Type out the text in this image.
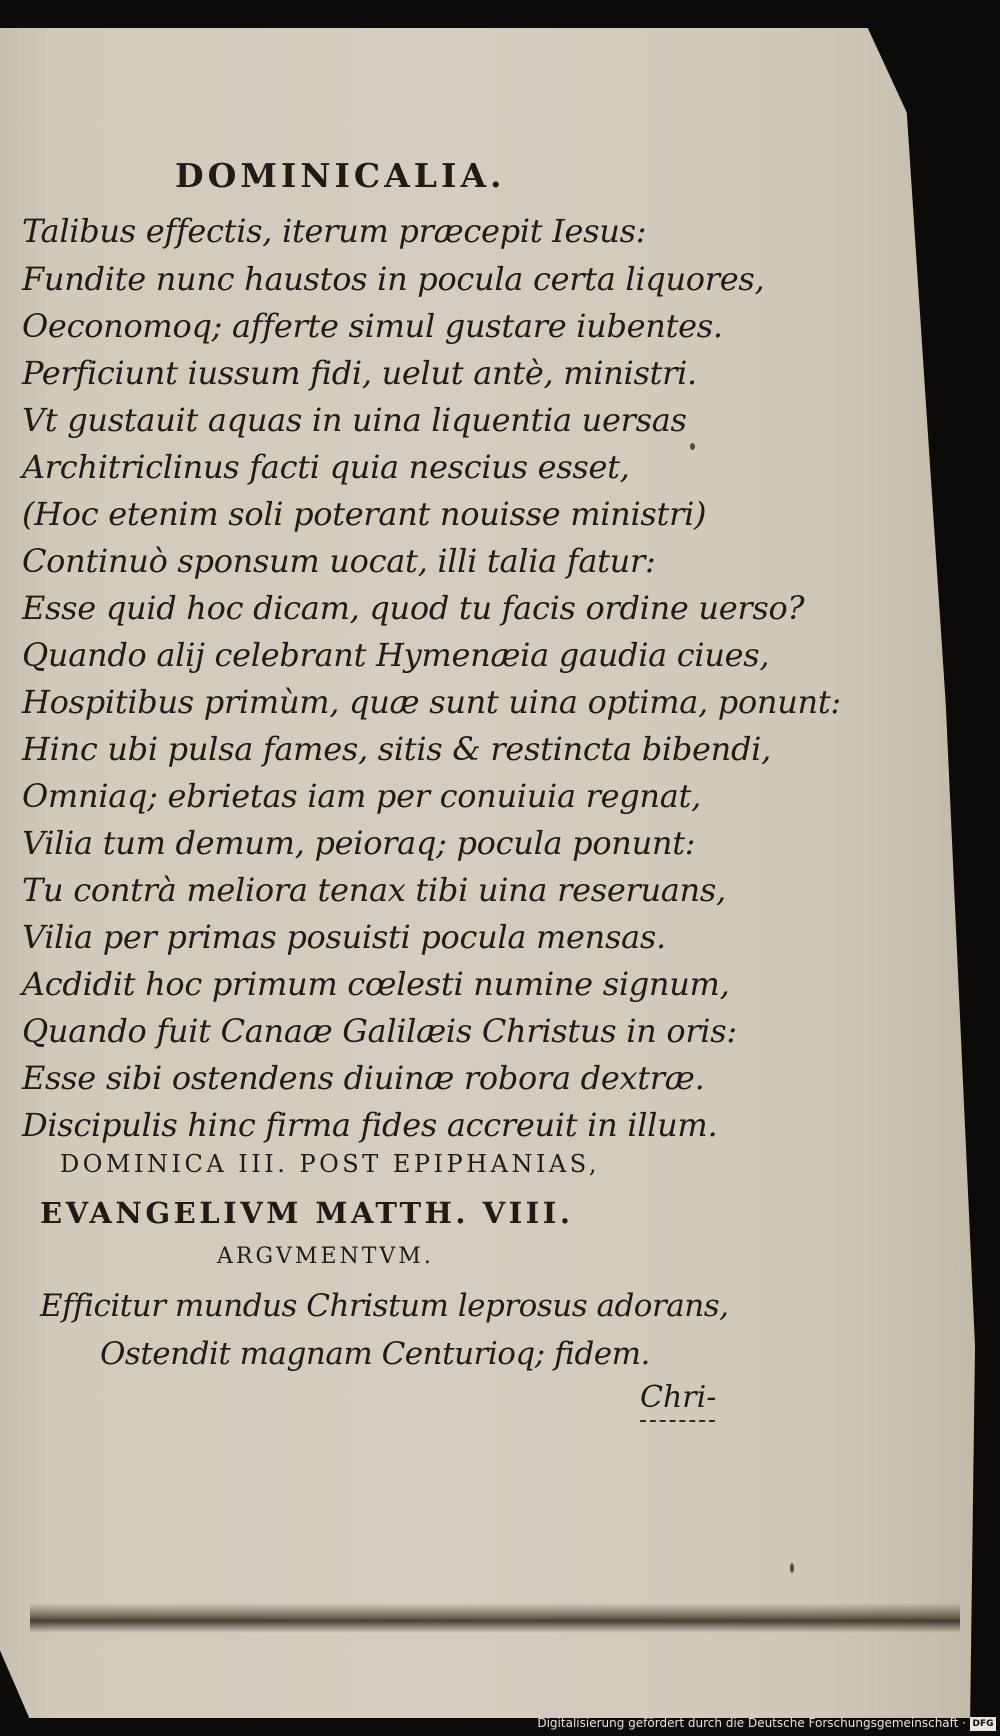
DOMINICALIA.
Talibus effectis, iterum præcepit Iesus:
Fundite nunc haustos in pocula certa liquores,
Oeconomoq; afferte simul gustare iubentes.
Perficiunt iussum fidi, uelut antè, ministri.
Vt gustauit aquas in uina liquentia uersas
Architriclinus facti quia nescius esset,
(Hoc etenim soli poterant nouisse ministri)
Continuò sponsum uocat, illi talia fatur:
Esse quid hoc dicam, quod tu facis ordine uerso?
Quando alij celebrant Hymenæia gaudia ciues,
Hospitibus primùm, quæ sunt uina optima, ponunt:
Hinc ubi pulsa fames, sitis & restincta bibendi,
Omniaq; ebrietas iam per conuiuia regnat,
Vilia tum demum, peioraq; pocula ponunt:
Tu contrà meliora tenax tibi uina reseruans,
Vilia per primas posuisti pocula mensas.
Acdidit hoc primum cœlesti numine signum,
Quando fuit Canaæ Galilæis Christus in oris:
Esse sibi ostendens diuinæ robora dextræ.
Discipulis hinc firma fides accreuit in illum.
DOMINICA III. POST EPIPHANIAS,
EVANGELIVM MATTH. VIII.
ARGVMENTVM.
Efficitur mundus Christum leprosus adorans,
Ostendit magnam Centurioq; fidem.
Chri-
Digitalisierung gefördert durch die Deutsche Forschungsgemeinschaft · DFG
